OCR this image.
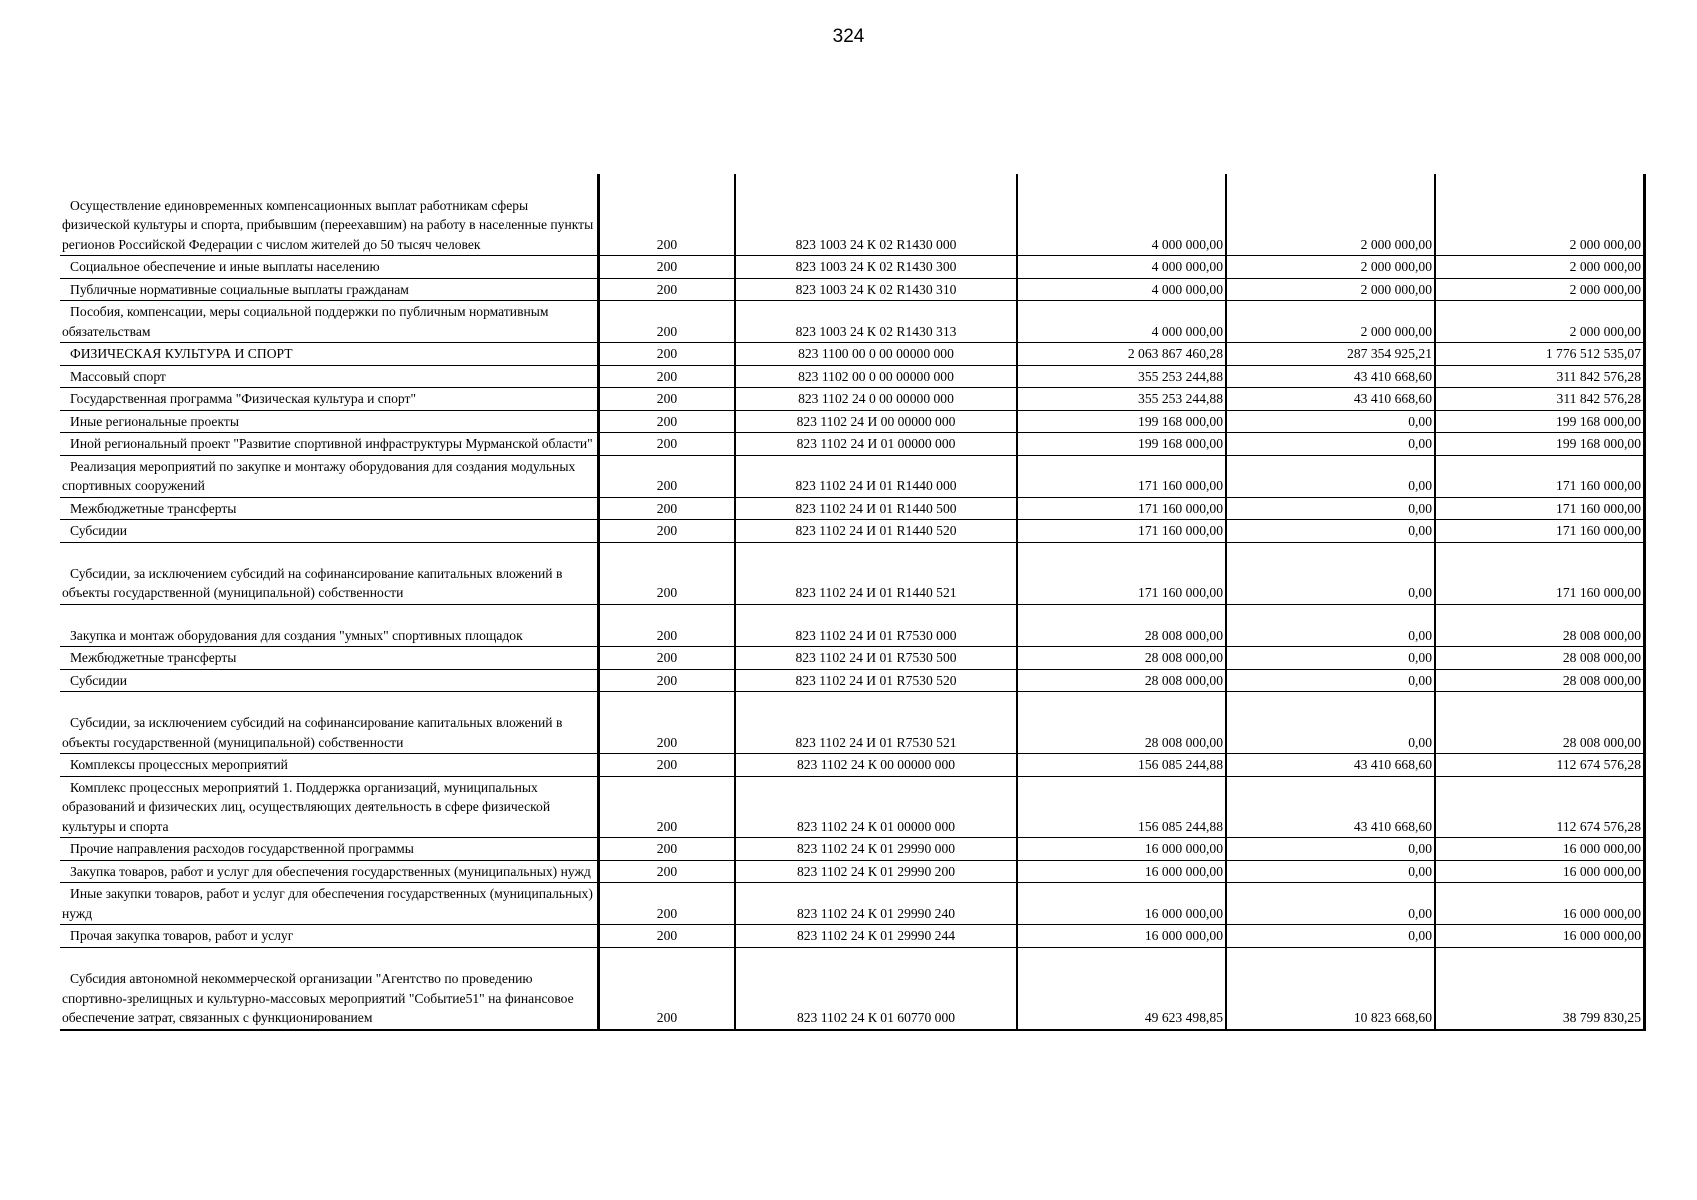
324
Осуществление единовременных компенсационных выплат работникам сферы физической культуры и спорта, прибывшим (переехавшим) на работу в населенные пункты регионов Российской Федерации с числом жителей до 50 тысяч человек	200	823 1003 24 К 02 R1430 000	4 000 000,00	2 000 000,00	2 000 000,00
Социальное обеспечение и иные выплаты населению	200	823 1003 24 К 02 R1430 300	4 000 000,00	2 000 000,00	2 000 000,00
Публичные нормативные социальные выплаты гражданам	200	823 1003 24 К 02 R1430 310	4 000 000,00	2 000 000,00	2 000 000,00
Пособия, компенсации, меры социальной поддержки по публичным нормативным обязательствам	200	823 1003 24 К 02 R1430 313	4 000 000,00	2 000 000,00	2 000 000,00
ФИЗИЧЕСКАЯ КУЛЬТУРА И СПОРТ	200	823 1100 00 0 00 00000 000	2 063 867 460,28	287 354 925,21	1 776 512 535,07
Массовый спорт	200	823 1102 00 0 00 00000 000	355 253 244,88	43 410 668,60	311 842 576,28
Государственная программа "Физическая культура и спорт"	200	823 1102 24 0 00 00000 000	355 253 244,88	43 410 668,60	311 842 576,28
Иные региональные проекты	200	823 1102 24 И 00 00000 000	199 168 000,00	0,00	199 168 000,00
Иной региональный проект "Развитие спортивной инфраструктуры Мурманской области"	200	823 1102 24 И 01 00000 000	199 168 000,00	0,00	199 168 000,00
Реализация мероприятий по закупке и монтажу оборудования для создания модульных спортивных сооружений	200	823 1102 24 И 01 R1440 000	171 160 000,00	0,00	171 160 000,00
Межбюджетные трансферты	200	823 1102 24 И 01 R1440 500	171 160 000,00	0,00	171 160 000,00
Субсидии	200	823 1102 24 И 01 R1440 520	171 160 000,00	0,00	171 160 000,00
Субсидии, за исключением субсидий на софинансирование капитальных вложений в объекты государственной (муниципальной) собственности	200	823 1102 24 И 01 R1440 521	171 160 000,00	0,00	171 160 000,00
Закупка и монтаж оборудования для создания "умных" спортивных площадок	200	823 1102 24 И 01 R7530 000	28 008 000,00	0,00	28 008 000,00
Межбюджетные трансферты	200	823 1102 24 И 01 R7530 500	28 008 000,00	0,00	28 008 000,00
Субсидии	200	823 1102 24 И 01 R7530 520	28 008 000,00	0,00	28 008 000,00
Субсидии, за исключением субсидий на софинансирование капитальных вложений в объекты государственной (муниципальной) собственности	200	823 1102 24 И 01 R7530 521	28 008 000,00	0,00	28 008 000,00
Комплексы процессных мероприятий	200	823 1102 24 К 00 00000 000	156 085 244,88	43 410 668,60	112 674 576,28
Комплекс процессных мероприятий 1. Поддержка организаций, муниципальных образований и физических лиц, осуществляющих деятельность в сфере физической культуры и спорта	200	823 1102 24 К 01 00000 000	156 085 244,88	43 410 668,60	112 674 576,28
Прочие направления расходов государственной программы	200	823 1102 24 К 01 29990 000	16 000 000,00	0,00	16 000 000,00
Закупка товаров, работ и услуг для обеспечения государственных (муниципальных) нужд	200	823 1102 24 К 01 29990 200	16 000 000,00	0,00	16 000 000,00
Иные закупки товаров, работ и услуг для обеспечения государственных (муниципальных) нужд	200	823 1102 24 К 01 29990 240	16 000 000,00	0,00	16 000 000,00
Прочая закупка товаров, работ и услуг	200	823 1102 24 К 01 29990 244	16 000 000,00	0,00	16 000 000,00
Субсидия автономной некоммерческой организации "Агентство по проведению спортивно-зрелищных и культурно-массовых мероприятий "Событие51" на финансовое обеспечение затрат, связанных с функционированием	200	823 1102 24 К 01 60770 000	49 623 498,85	10 823 668,60	38 799 830,25
